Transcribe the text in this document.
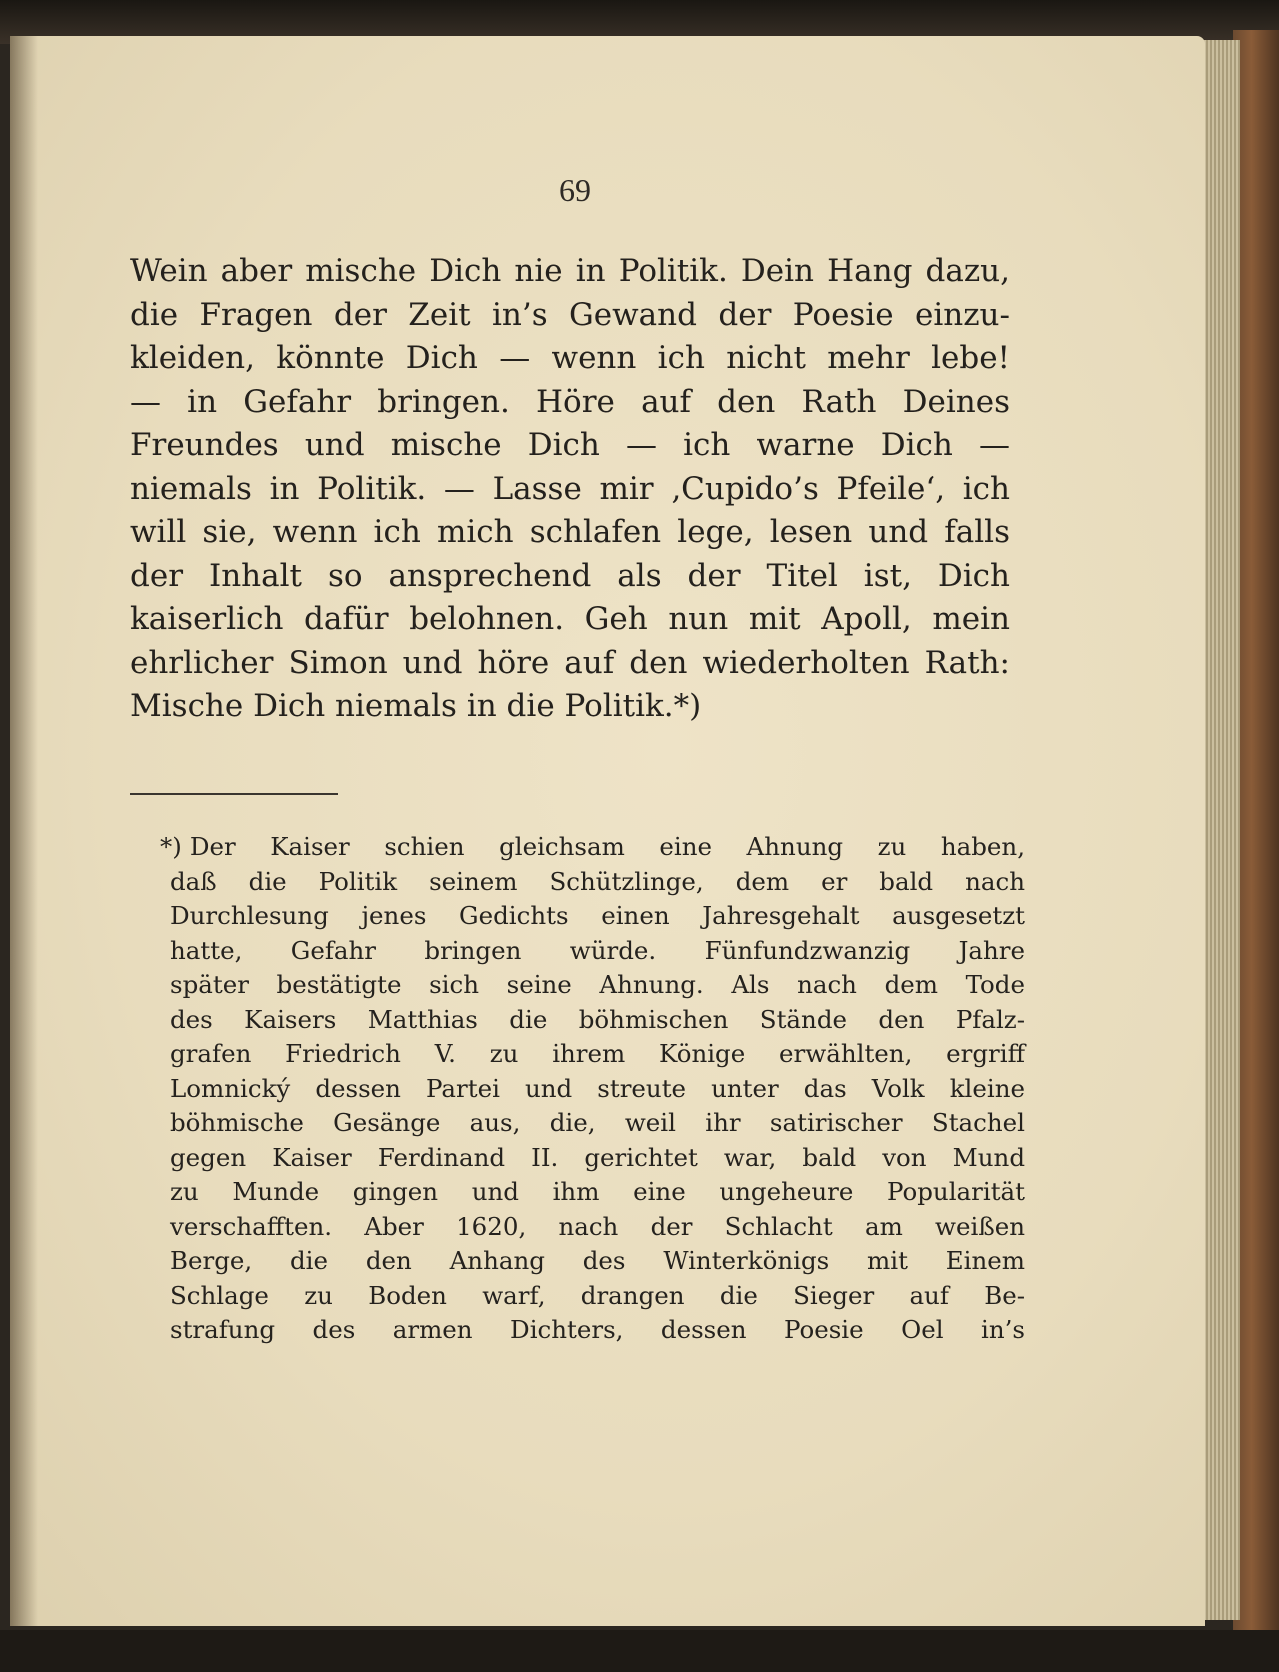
69
Wein aber mische Dich nie in Politik. Dein Hang dazu,
die Fragen der Zeit in’s Gewand der Poesie einzu-
kleiden, könnte Dich — wenn ich nicht mehr lebe!
— in Gefahr bringen. Höre auf den Rath Deines
Freundes und mische Dich — ich warne Dich —
niemals in Politik. — Lasse mir ‚Cupido’s Pfeile‘, ich
will sie, wenn ich mich schlafen lege, lesen und falls
der Inhalt so ansprechend als der Titel ist, Dich
kaiserlich dafür belohnen. Geh nun mit Apoll, mein
ehrlicher Simon und höre auf den wiederholten Rath:
Mische Dich niemals in die Politik.*)
*) Der Kaiser schien gleichsam eine Ahnung zu haben,
daß die Politik seinem Schützlinge, dem er bald nach
Durchlesung jenes Gedichts einen Jahresgehalt ausgesetzt
hatte, Gefahr bringen würde. Fünfundzwanzig Jahre
später bestätigte sich seine Ahnung. Als nach dem Tode
des Kaisers Matthias die böhmischen Stände den Pfalz-
grafen Friedrich V. zu ihrem Könige erwählten, ergriff
Lomnický dessen Partei und streute unter das Volk kleine
böhmische Gesänge aus, die, weil ihr satirischer Stachel
gegen Kaiser Ferdinand II. gerichtet war, bald von Mund
zu Munde gingen und ihm eine ungeheure Popularität
verschafften. Aber 1620, nach der Schlacht am weißen
Berge, die den Anhang des Winterkönigs mit Einem
Schlage zu Boden warf, drangen die Sieger auf Be-
strafung des armen Dichters, dessen Poesie Oel in’s
